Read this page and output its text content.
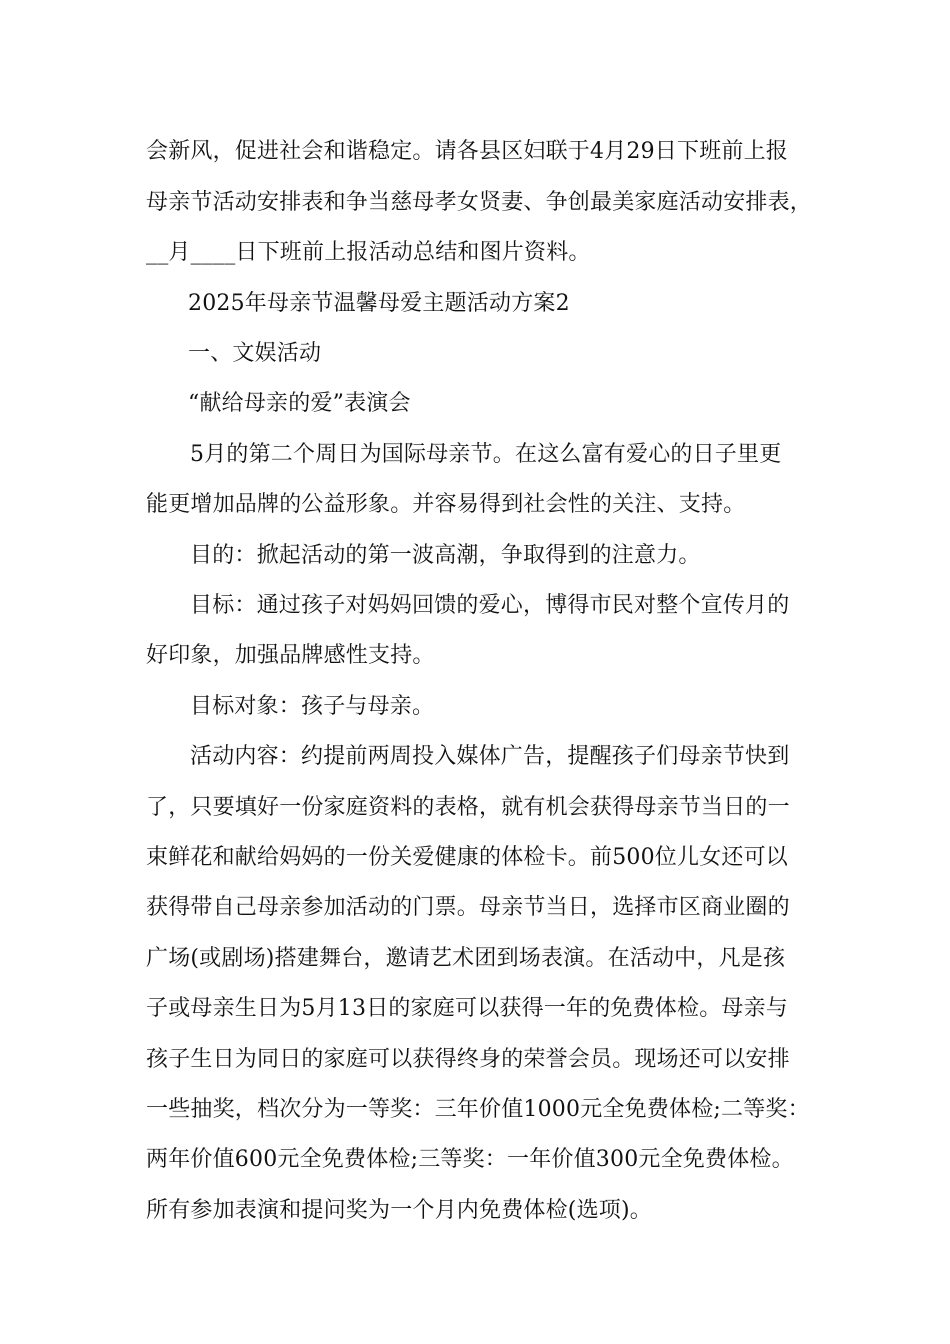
会新风，促进社会和谐稳定。请各县区妇联于4月29日下班前上报
母亲节活动安排表和争当慈母孝女贤妻、争创最美家庭活动安排表，
__月____日下班前上报活动总结和图片资料。
2025年母亲节温馨母爱主题活动方案2
一、文娱活动
“献给母亲的爱”表演会
5月的第二个周日为国际母亲节。在这么富有爱心的日子里更
能更增加品牌的公益形象。并容易得到社会性的关注、支持。
目的：掀起活动的第一波高潮，争取得到的注意力。
目标：通过孩子对妈妈回馈的爱心，博得市民对整个宣传月的
好印象，加强品牌感性支持。
目标对象：孩子与母亲。
活动内容：约提前两周投入媒体广告，提醒孩子们母亲节快到
了，只要填好一份家庭资料的表格，就有机会获得母亲节当日的一
束鲜花和献给妈妈的一份关爱健康的体检卡。前500位儿女还可以
获得带自己母亲参加活动的门票。母亲节当日，选择市区商业圈的
广场(或剧场)搭建舞台，邀请艺术团到场表演。在活动中，凡是孩
子或母亲生日为5月13日的家庭可以获得一年的免费体检。母亲与
孩子生日为同日的家庭可以获得终身的荣誉会员。现场还可以安排
一些抽奖，档次分为一等奖：三年价值1000元全免费体检;二等奖：
两年价值600元全免费体检;三等奖：一年价值300元全免费体检。
所有参加表演和提问奖为一个月内免费体检(选项)。
